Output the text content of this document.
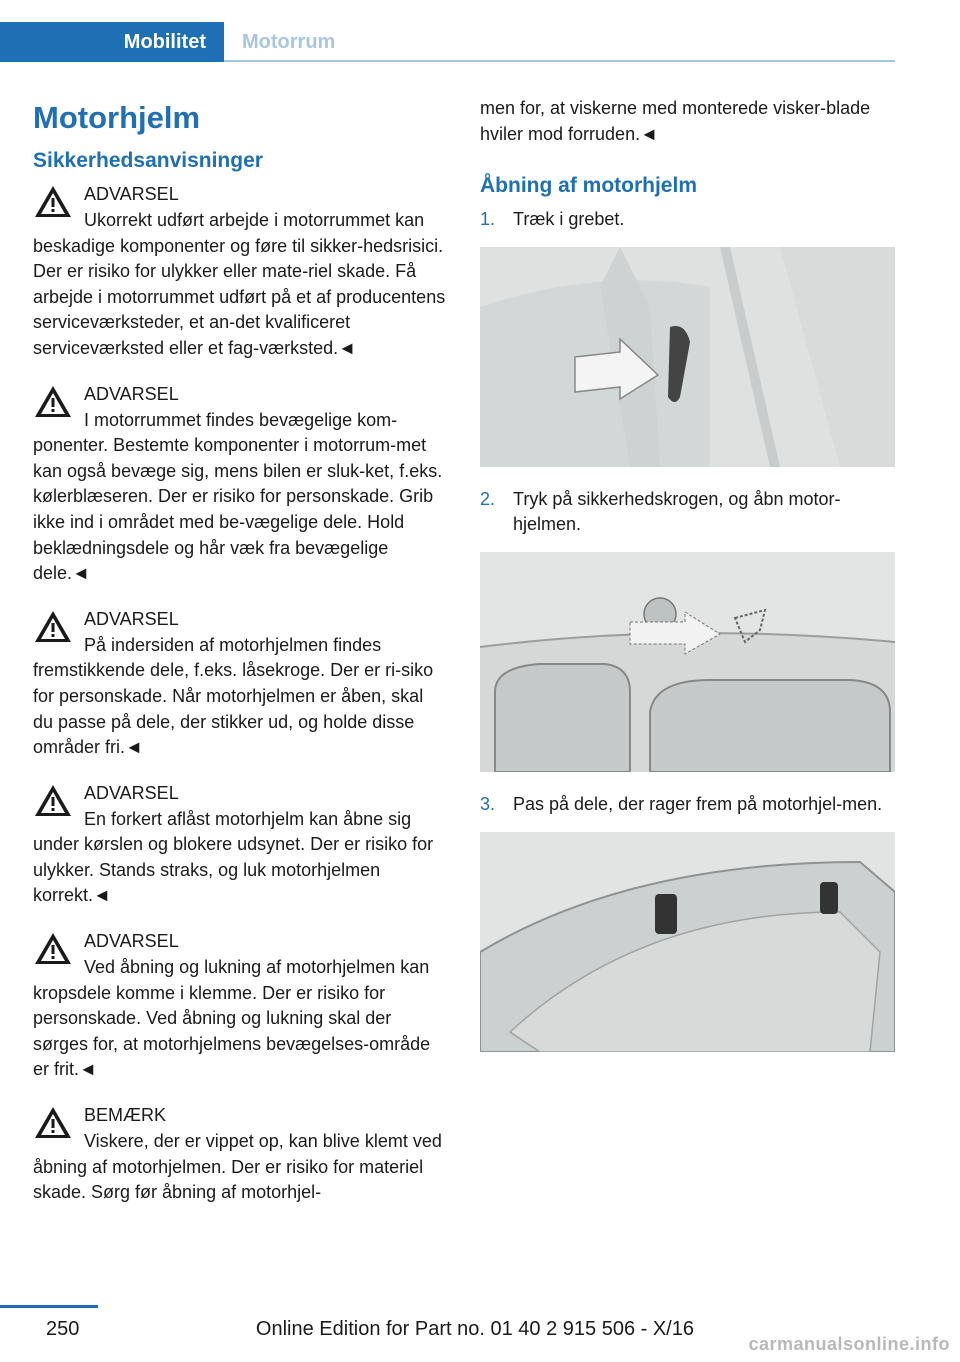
Mobilitet	Motorrum
Motorhjelm
Sikkerhedsanvisninger
ADVARSEL
Ukorrekt udført arbejde i motorrummet kan beskadige komponenter og føre til sikker-hedsrisici. Der er risiko for ulykker eller mate-riel skade. Få arbejde i motorrummet udført på et af producentens serviceværksteder, et an-det kvalificeret serviceværksted eller et fag-værksted.◄
ADVARSEL
I motorrummet findes bevægelige kom- ponenter. Bestemte komponenter i motorrum-met kan også bevæge sig, mens bilen er sluk-ket, f.eks. kølerblæseren. Der er risiko for personskade. Grib ikke ind i området med be-vægelige dele. Hold beklædningsdele og hår væk fra bevægelige dele.◄
ADVARSEL
På indersiden af motorhjelmen findes fremstikkende dele, f.eks. låsekroge. Der er ri-siko for personskade. Når motorhjelmen er åben, skal du passe på dele, der stikker ud, og holde disse områder fri.◄
ADVARSEL
En forkert aflåst motorhjelm kan åbne sig under kørslen og blokere udsynet. Der er risiko for ulykker. Stands straks, og luk motorhjelmen korrekt.◄
ADVARSEL
Ved åbning og lukning af motorhjelmen kan kropsdele komme i klemme. Der er risiko for personskade. Ved åbning og lukning skal der sørges for, at motorhjelmens bevægelses-område er frit.◄
BEMÆRK
Viskere, der er vippet op, kan blive klemt ved åbning af motorhjelmen. Der er risiko for materiel skade. Sørg før åbning af motorhjel-
men for, at viskerne med monterede visker-blade hviler mod forruden.◄
Åbning af motorhjelm
1. Træk i grebet.
2. Tryk på sikkerhedskrogen, og åbn motor-hjelmen.
3. Pas på dele, der rager frem på motorhjel-men.
250	Online Edition for Part no. 01 40 2 915 506 - X/16
carmanualsonline.info
